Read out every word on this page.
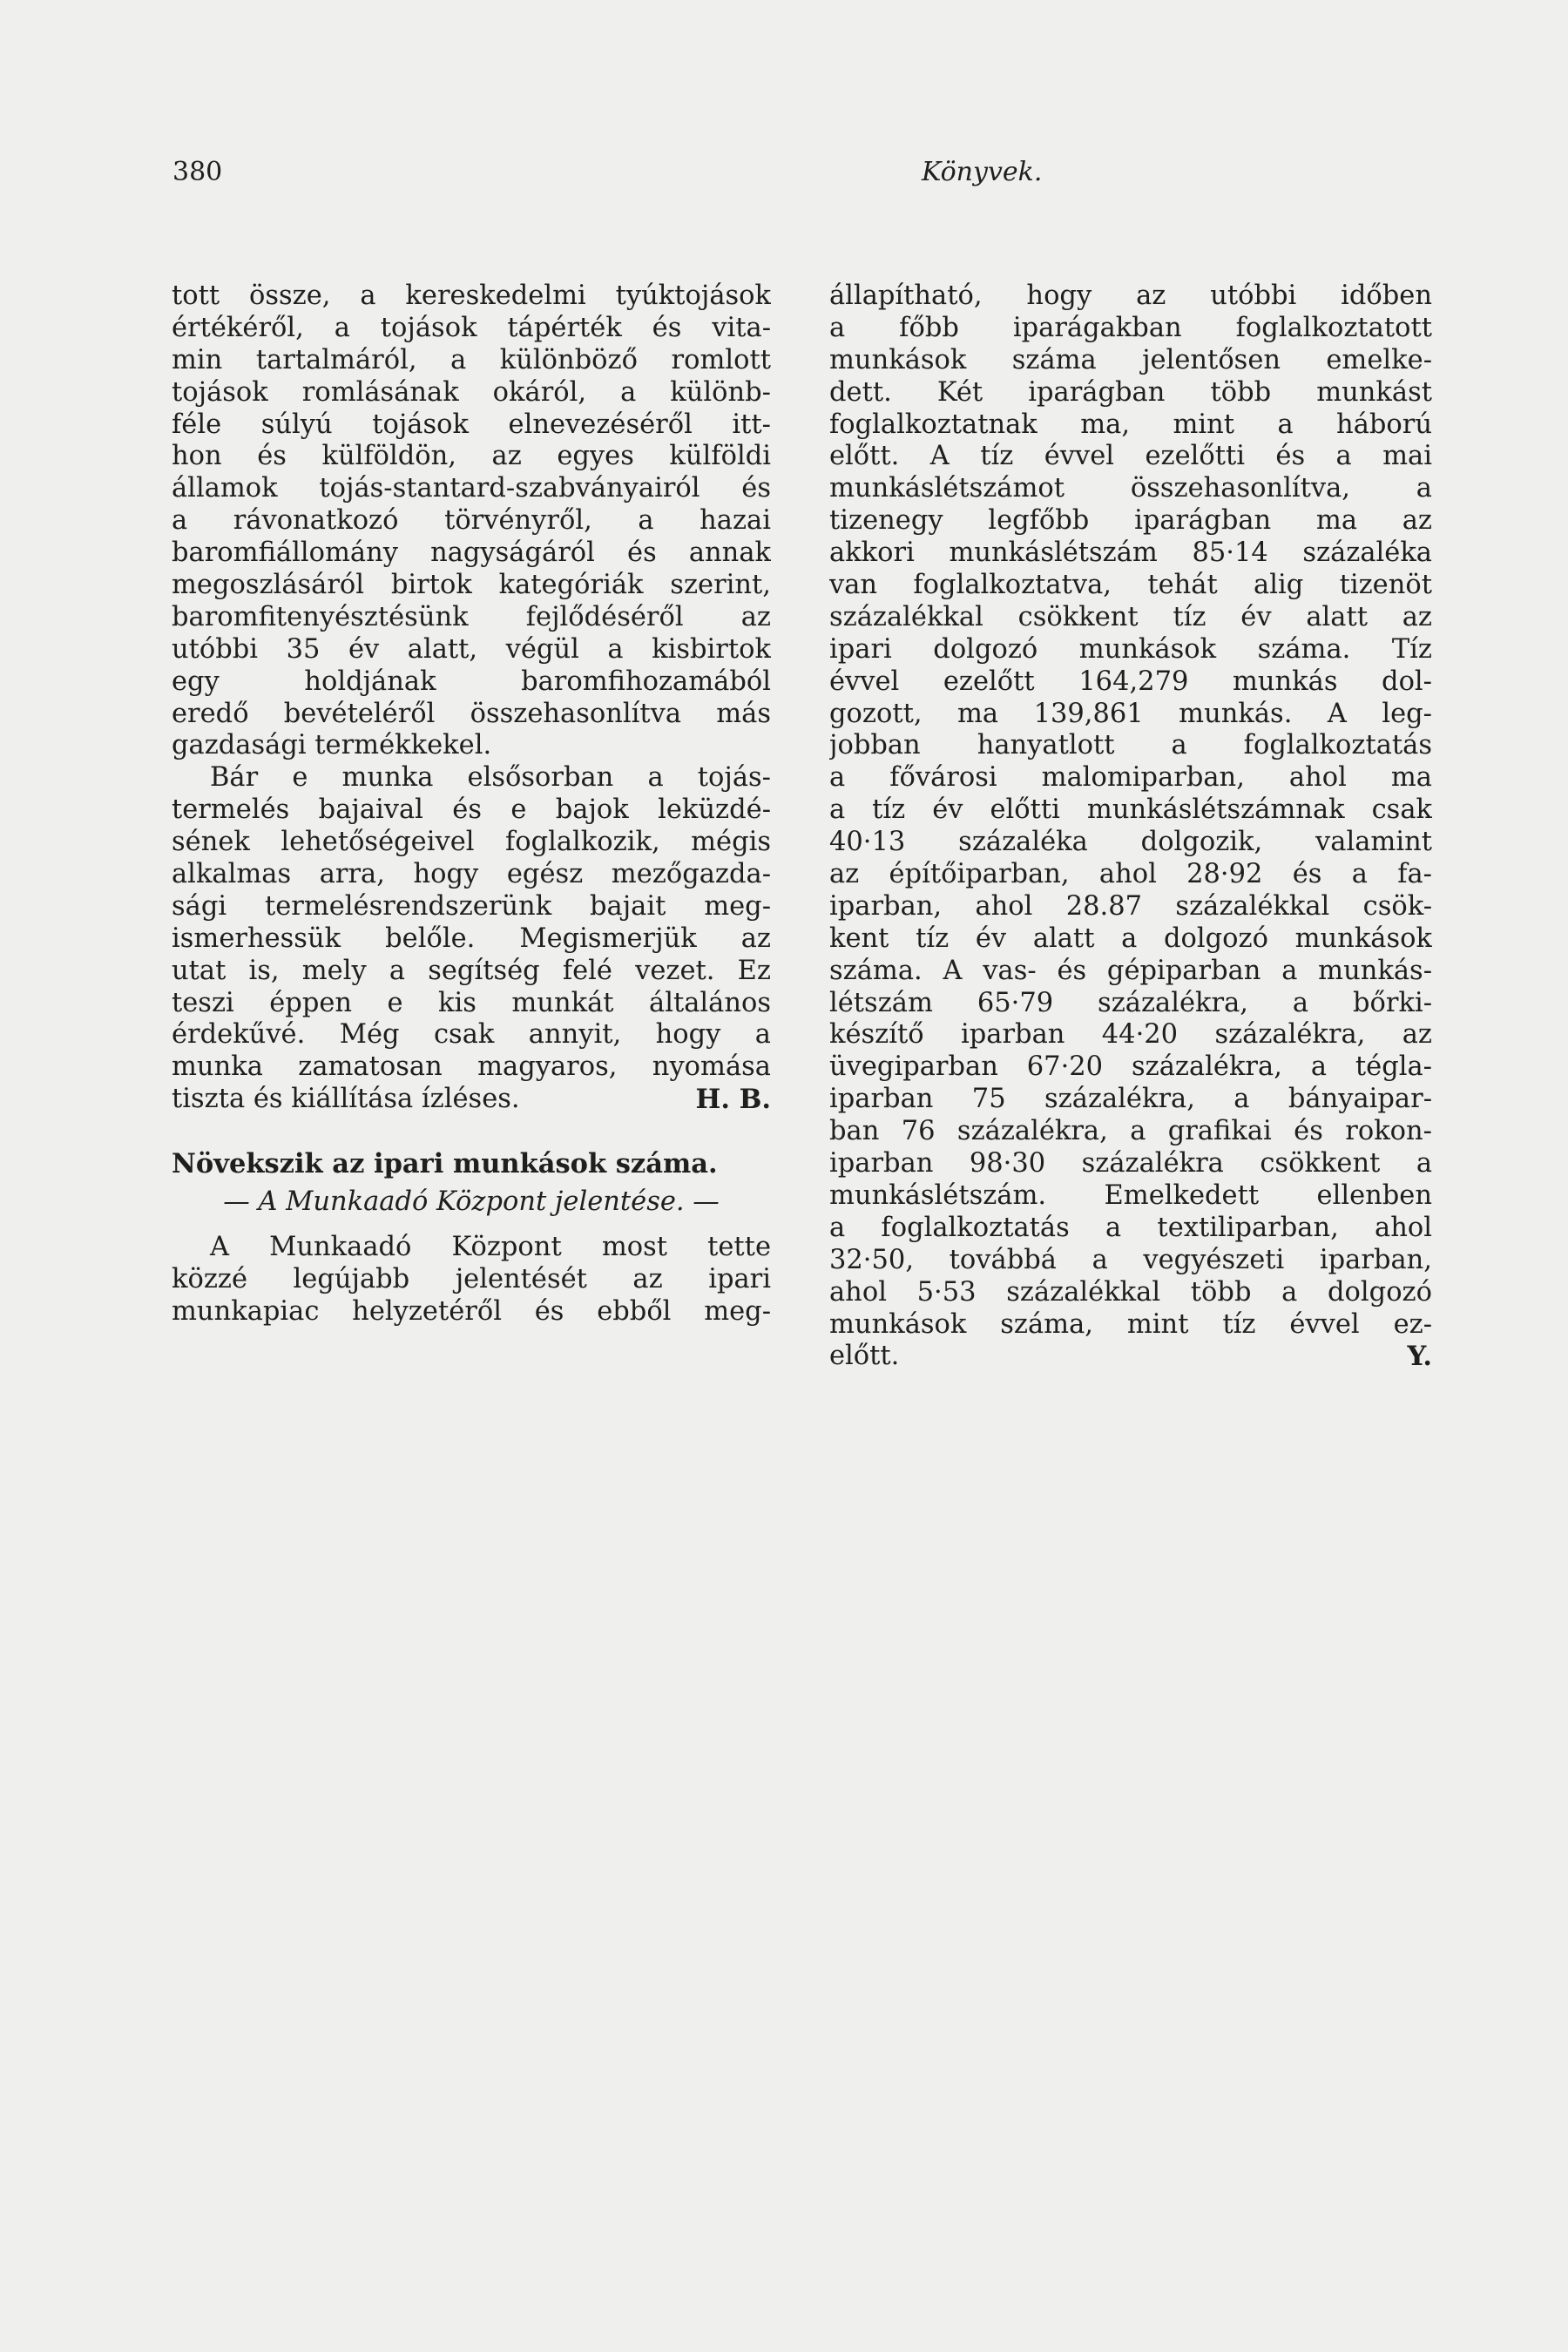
380	Könyvek.
tott össze, a kereskedelmi tyúktojások
értékéről, a tojások tápérték és vita-
min tartalmáról, a különböző romlott
tojások romlásának okáról, a különb-
féle súlyú tojások elnevezéséről itt-
hon és külföldön, az egyes külföldi
államok tojás-stantard-szabványairól és
a rávonatkozó törvényről, a hazai
baromfiállomány nagyságáról és annak
megoszlásáról birtok kategóriák szerint,
baromfitenyésztésünk fejlődéséről az
utóbbi 35 év alatt, végül a kisbirtok
egy holdjának baromfihozamából
eredő bevételéről összehasonlítva más
gazdasági termékkekel.
Bár e munka elsősorban a tojás-
termelés bajaival és e bajok leküzdé-
sének lehetőségeivel foglalkozik, mégis
alkalmas arra, hogy egész mezőgazda-
sági termelésrendszerünk bajait meg-
ismerhessük belőle. Megismerjük az
utat is, mely a segítség felé vezet. Ez
teszi éppen e kis munkát általános
érdekűvé. Még csak annyit, hogy a
munka zamatosan magyaros, nyomása
tiszta és kiállítása ízléses.	H. B.
Növekszik az ipari munkások száma.
— A Munkaadó Központ jelentése. —
A Munkaadó Központ most tette
közzé legújabb jelentését az ipari
munkapiac helyzetéről és ebből meg-
állapítható, hogy az utóbbi időben
a főbb iparágakban foglalkoztatott
munkások száma jelentősen emelke-
dett. Két iparágban több munkást
foglalkoztatnak ma, mint a háború
előtt. A tíz évvel ezelőtti és a mai
munkáslétszámot összehasonlítva, a
tizenegy legfőbb iparágban ma az
akkori munkáslétszám 85·14 százaléka
van foglalkoztatva, tehát alig tizenöt
százalékkal csökkent tíz év alatt az
ipari dolgozó munkások száma. Tíz
évvel ezelőtt 164,279 munkás dol-
gozott, ma 139,861 munkás. A leg-
jobban hanyatlott a foglalkoztatás
a fővárosi malomiparban, ahol ma
a tíz év előtti munkáslétszámnak csak
40·13 százaléka dolgozik, valamint
az építőiparban, ahol 28·92 és a fa-
iparban, ahol 28.87 százalékkal csök-
kent tíz év alatt a dolgozó munkások
száma. A vas- és gépiparban a munkás-
létszám 65·79 százalékra, a bőrki-
készítő iparban 44·20 százalékra, az
üvegiparban 67·20 százalékra, a tégla-
iparban 75 százalékra, a bányaipar-
ban 76 százalékra, a grafikai és rokon-
iparban 98·30 százalékra csökkent a
munkáslétszám. Emelkedett ellenben
a foglalkoztatás a textiliparban, ahol
32·50, továbbá a vegyészeti iparban,
ahol 5·53 százalékkal több a dolgozó
munkások száma, mint tíz évvel ez-
előtt.	Y.
